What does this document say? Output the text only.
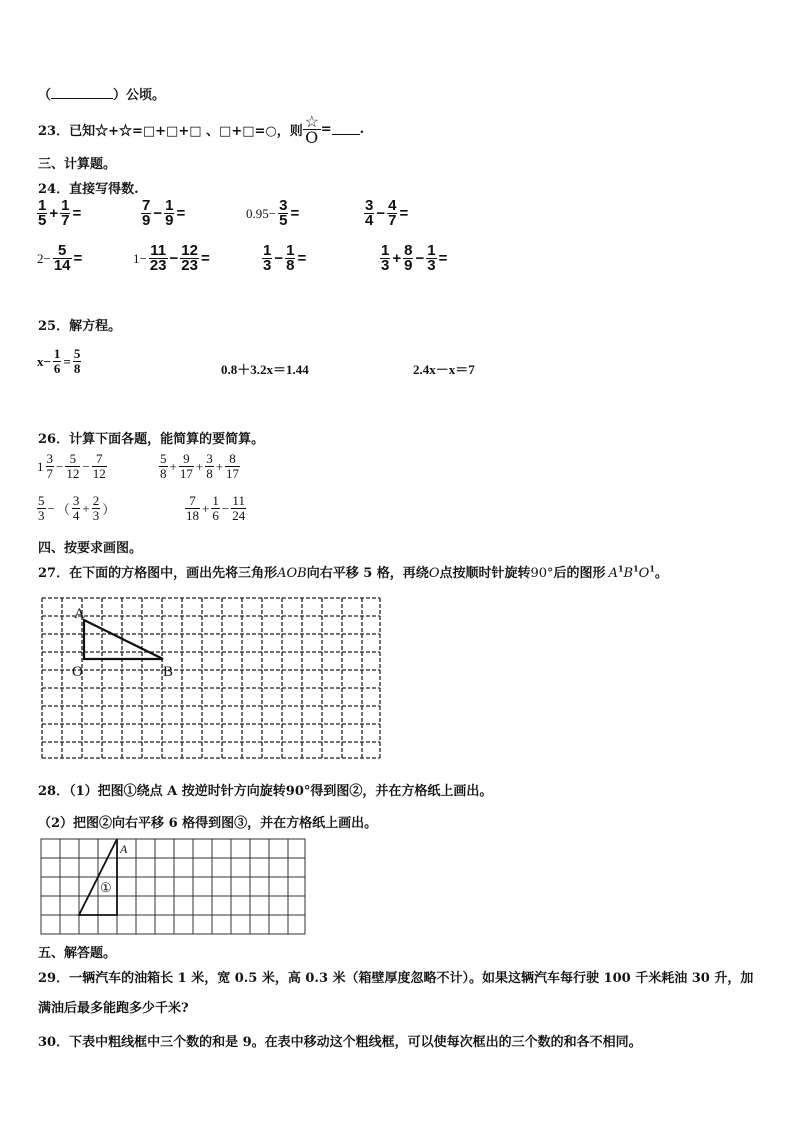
（	）公顷。
23．已知☆+☆=□+□+□ 、□+□=○，则 $\frac{☆}{O}$ = .
三、计算题。
24．直接写得数.
$\frac{1}{5} + \frac{1}{7}$ =	$\frac{7}{9} - \frac{1}{9}$ =	$0.95- \frac{3}{5}$ =	$\frac{3}{4} - \frac{4}{7}$ =
$2- \frac{5}{14}$ =	$1- \frac{11}{23} - \frac{12}{23}$ =	$\frac{1}{3} - \frac{1}{8}$ =	$\frac{1}{3} + \frac{8}{9} - \frac{1}{3}$ =
25．解方程。
$x- \frac{1}{6} = \frac{5}{8}$	0.8＋3.2x＝1.44	2.4x－x＝7
26．计算下面各题，能简算的要简算。
$1 \frac{3}{7} - \frac{5}{12} - \frac{7}{12}$	$\frac{5}{8} + \frac{9}{17} + \frac{3}{8} + \frac{8}{17}$
$\frac{5}{3}$ − （ $\frac{3}{4} + \frac{2}{3}$ ）	$\frac{7}{18} + \frac{1}{6} - \frac{11}{24}$
四、按要求画图。
27．在下面的方格图中，画出先将三角形AOB向右平移 5 格，再绕O点按顺时针旋转90°后的图形 $A^1B^1O^1$。
A
O	B
28．（1）把图①绕点 A 按逆时针方向旋转90°得到图②，并在方格纸上画出。
（2）把图②向右平移 6 格得到图③，并在方格纸上画出。
A
①
五、解答题。
29．一辆汽车的油箱长 1 米，宽 0.5 米，高 0.3 米（箱壁厚度忽略不计）。如果这辆汽车每行驶 100 千米耗油 30 升，加
满油后最多能跑多少千米?
30．下表中粗线框中三个数的和是 9。在表中移动这个粗线框，可以使每次框出的三个数的和各不相同。
